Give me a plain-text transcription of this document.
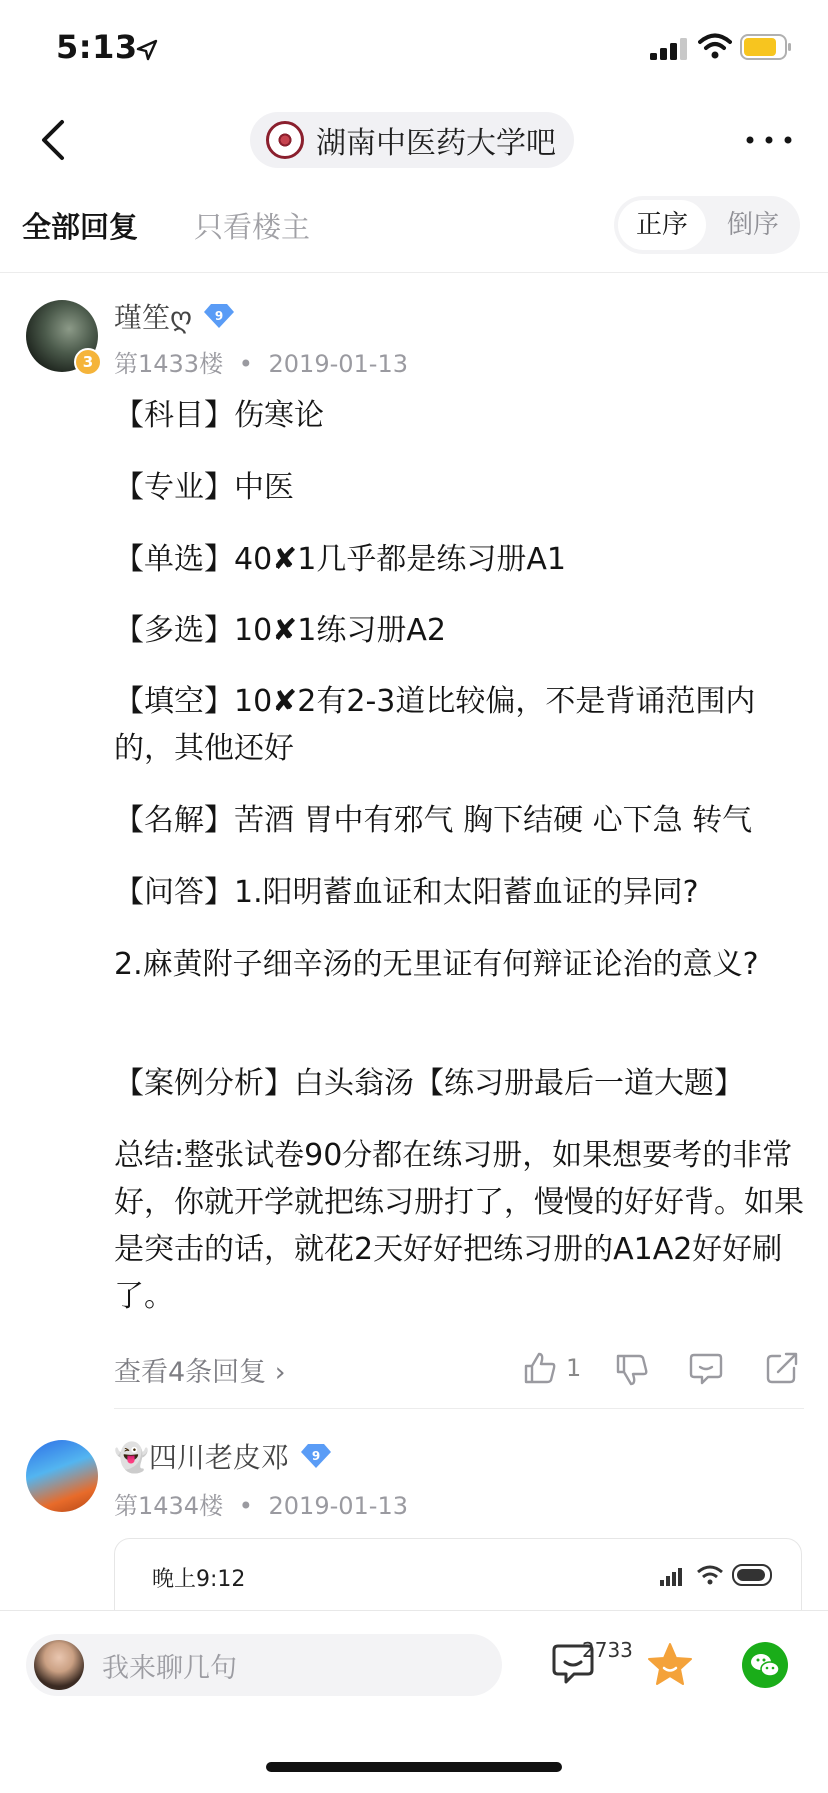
5:13
湖南中医药大学吧
全部回复 只看楼主	正序	倒序
3
瑾笙ღ 9
第1433楼 • 2019-01-13
【科目】伤寒论
【专业】中医
【单选】40✘1几乎都是练习册A1
【多选】10✘1练习册A2
【填空】10✘2有2-3道比较偏，不是背诵范围内的，其他还好
【名解】苦酒 胃中有邪气 胸下结硬 心下急 转气
【问答】1.阳明蓄血证和太阳蓄血证的异同?
2.麻黄附子细辛汤的无里证有何辩证论治的意义?
【案例分析】白头翁汤【练习册最后一道大题】
总结:整张试卷90分都在练习册，如果想要考的非常好，你就开学就把练习册打了，慢慢的好好背。如果是突击的话，就花2天好好把练习册的A1A2好好刷了。
查看4条回复 ›	1
👻四川老皮邓 9
第1434楼 • 2019-01-13
晚上9:12
我来聊几句
2733
